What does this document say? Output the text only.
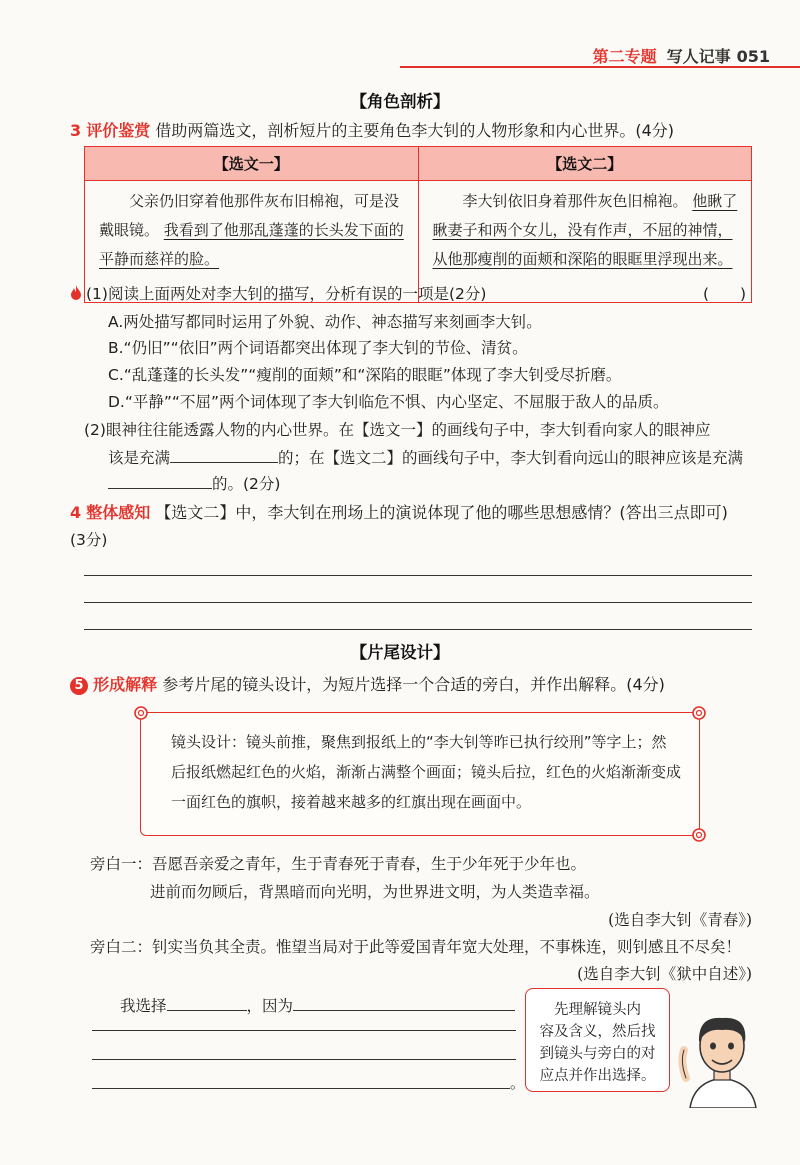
第二专题 写人记事 051
【角色剖析】
3 评价鉴赏 借助两篇选文，剖析短片的主要角色李大钊的人物形象和内心世界。(4分)
【选文一】	【选文二】
父亲仍旧穿着他那件灰布旧棉袍，可是没戴眼镜。 我看到了他那乱蓬蓬的长头发下面的平静而慈祥的脸。	李大钊依旧身着那件灰色旧棉袍。 他瞅了瞅妻子和两个女儿，没有作声，不屈的神情，从他那瘦削的面颊和深陷的眼眶里浮现出来。
(1)阅读上面两处对李大钊的描写，分析有误的一项是(2分)	(　　)
A.两处描写都同时运用了外貌、动作、神态描写来刻画李大钊。
B.“仍旧”“依旧”两个词语都突出体现了李大钊的节俭、清贫。
C.“乱蓬蓬的长头发”“瘦削的面颊”和“深陷的眼眶”体现了李大钊受尽折磨。
D.“平静”“不屈”两个词体现了李大钊临危不惧、内心坚定、不屈服于敌人的品质。
(2)眼神往往能透露人物的内心世界。在【选文一】的画线句子中，李大钊看向家人的眼神应
该是充满	的；在【选文二】的画线句子中，李大钊看向远山的眼神应该是充满
的。(2分)
4 整体感知 【选文二】中，李大钊在刑场上的演说体现了他的哪些思想感情？(答出三点即可)
(3分)
【片尾设计】
5 形成解释 参考片尾的镜头设计，为短片选择一个合适的旁白，并作出解释。(4分)
镜头设计：镜头前推，聚焦到报纸上的“李大钊等昨已执行绞刑”等字上；然
后报纸燃起红色的火焰，渐渐占满整个画面；镜头后拉，红色的火焰渐渐变成
一面红色的旗帜，接着越来越多的红旗出现在画面中。
旁白一：吾愿吾亲爱之青年，生于青春死于青春，生于少年死于少年也。
进前而勿顾后，背黑暗而向光明，为世界进文明，为人类造幸福。
(选自李大钊《青春》)
旁白二：钊实当负其全责。惟望当局对于此等爱国青年宽大处理，不事株连，则钊感且不尽矣！
(选自李大钊《狱中自述》)
我选择	，因为
。
先理解镜头内
容及含义，然后找
到镜头与旁白的对
应点并作出选择。
